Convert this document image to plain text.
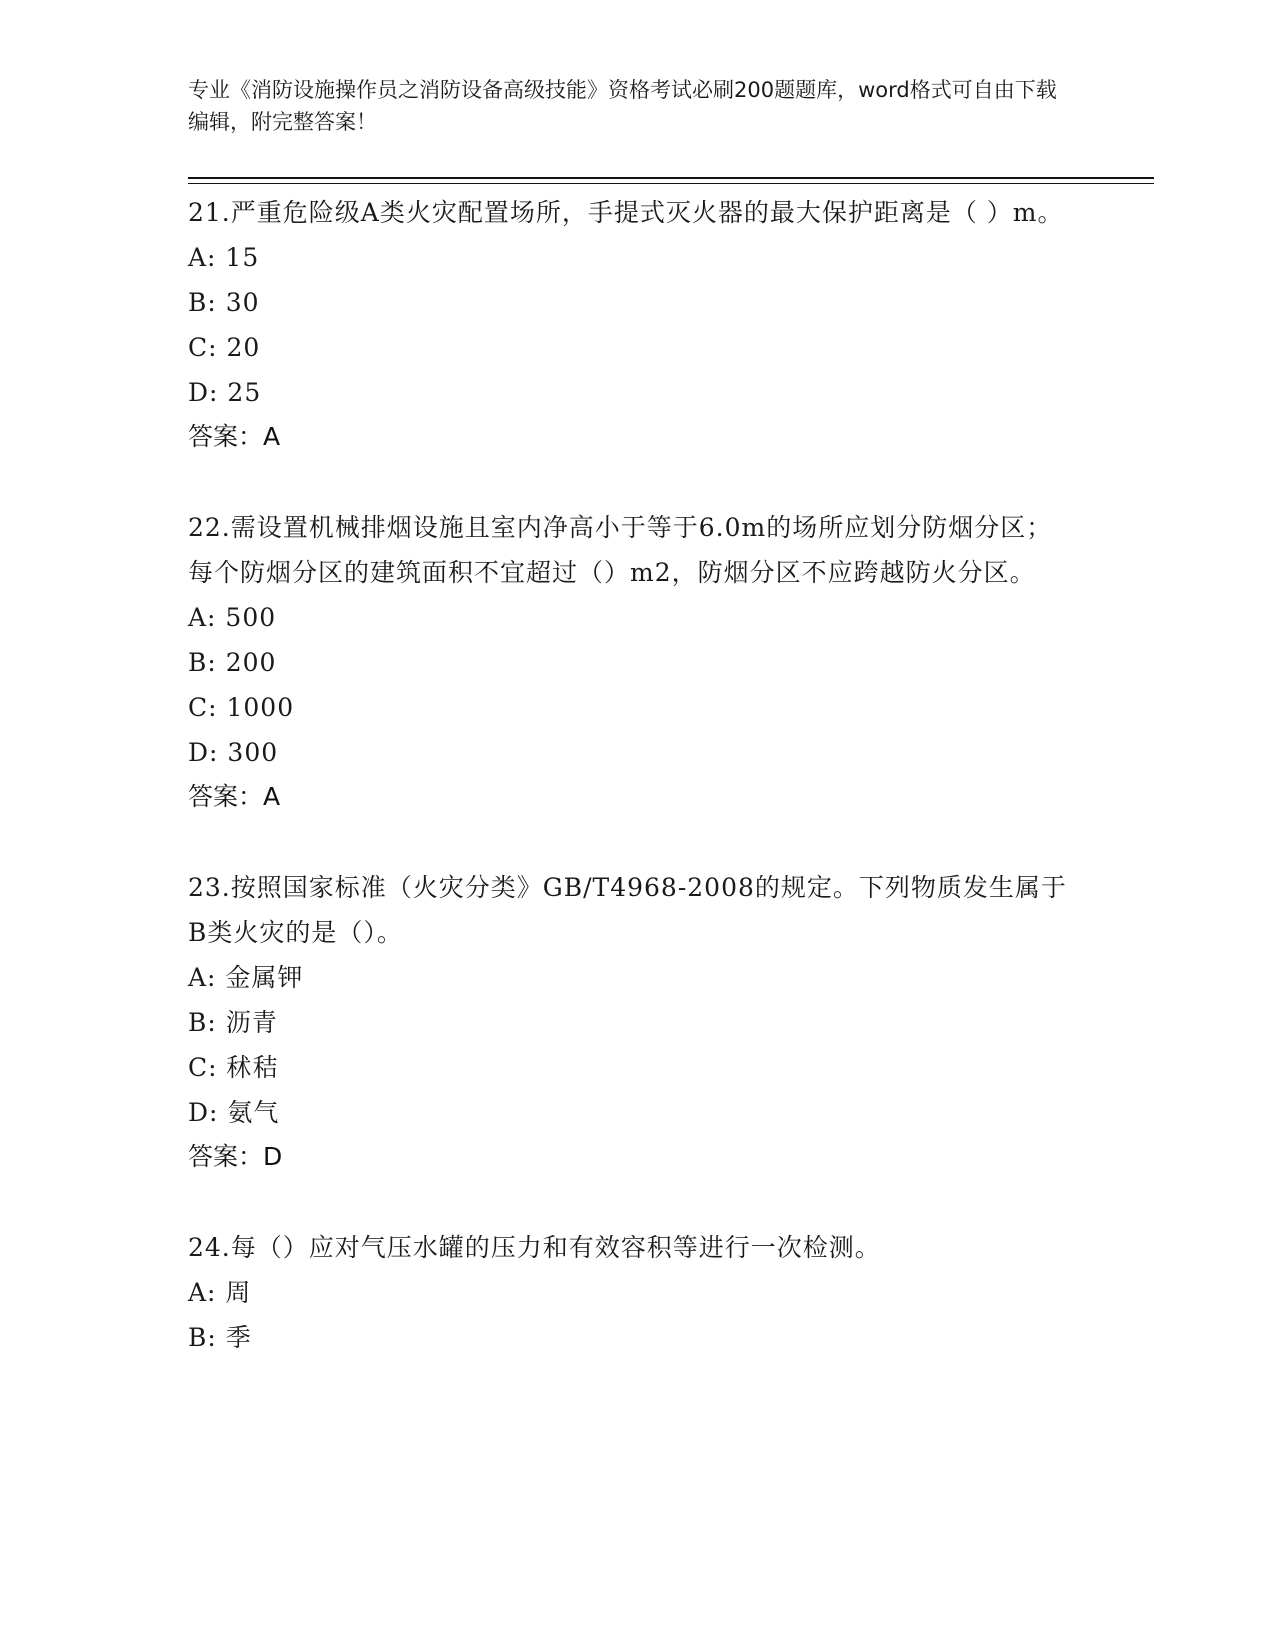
专业《消防设施操作员之消防设备高级技能》资格考试必刷200题题库，word格式可自由下载编辑，附完整答案！

21.严重危险级A类火灾配置场所，手提式灭火器的最大保护距离是（ ）m。

A: 15

B: 30

C: 20

D: 25

答案：A

22.需设置机械排烟设施且室内净高小于等于6.0m的场所应划分防烟分区；每个防烟分区的建筑面积不宜超过（）m2，防烟分区不应跨越防火分区。

A: 500

B: 200

C: 1000

D: 300

答案：A

23.按照国家标准（火灾分类》GB/T4968-2008的规定。下列物质发生属于B类火灾的是（）。

A: 金属钾

B: 沥青

C: 秫秸

D: 氨气

答案：D

24.每（）应对气压水罐的压力和有效容积等进行一次检测。

A: 周

B: 季
